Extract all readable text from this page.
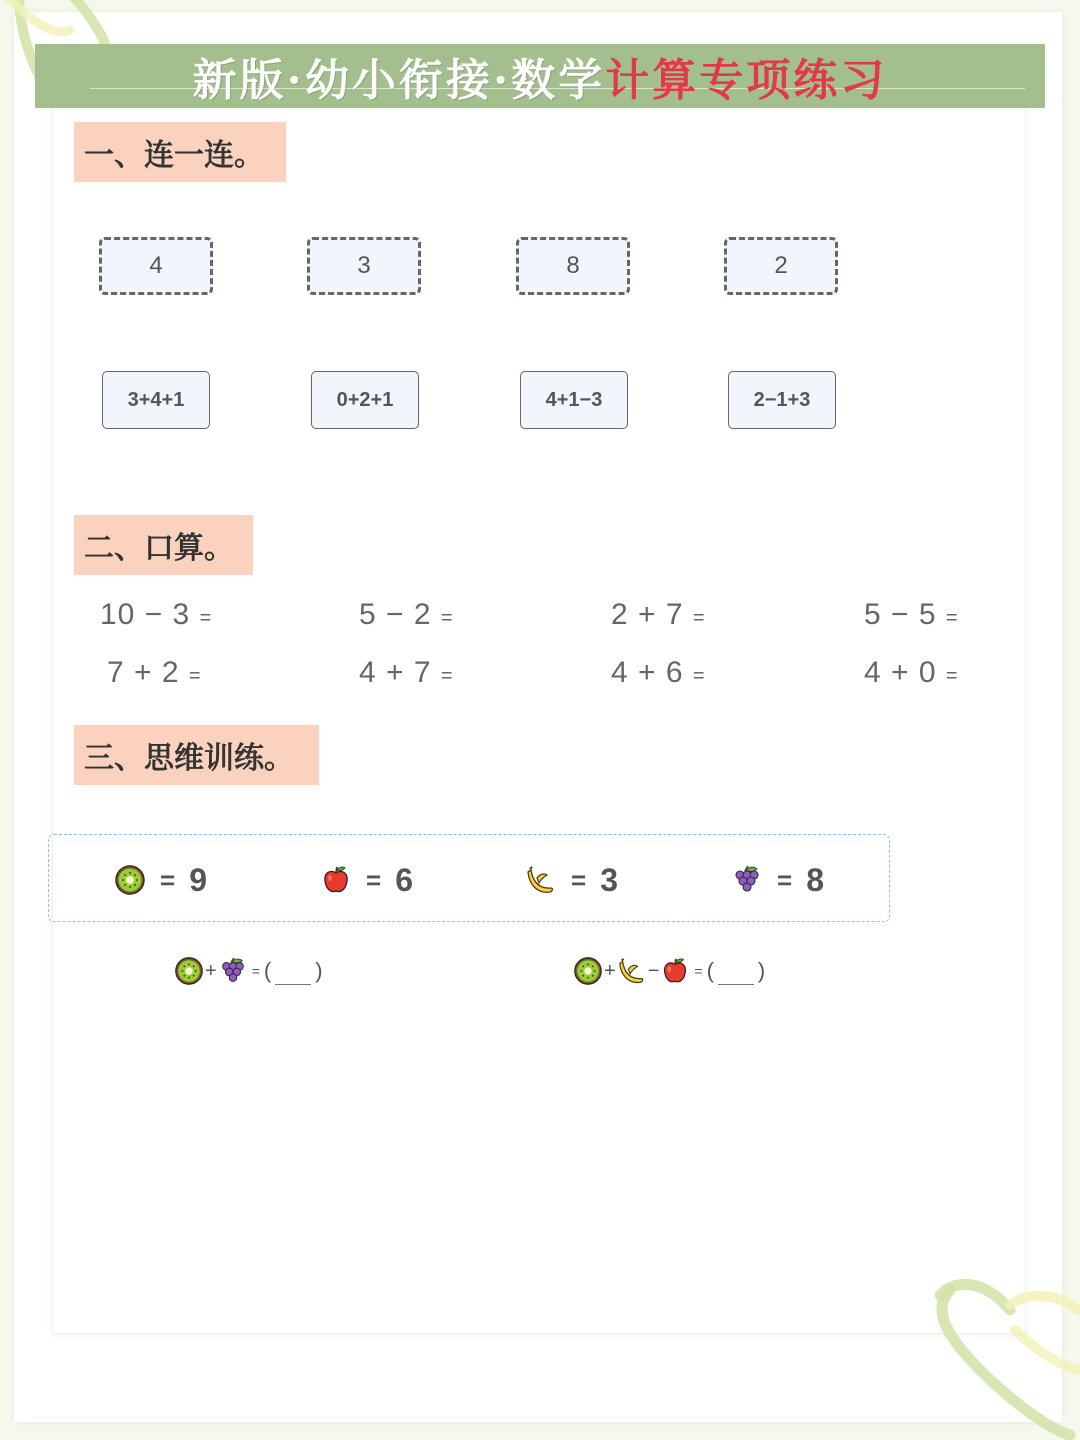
新版·幼小衔接·数学计算专项练习
一、连一连。
4	3	8	2
3+4+1	0+2+1	4+1−3	2−1+3
二、口算。
10 − 3 =	5 − 2 =	2 + 7 =	5 − 5 =
7 + 2 =	4 + 7 =	4 + 6 =	4 + 0 =
三、思维训练。
= 9	= 6	= 3	= 8
+	= ( )	+ −	= ( )
